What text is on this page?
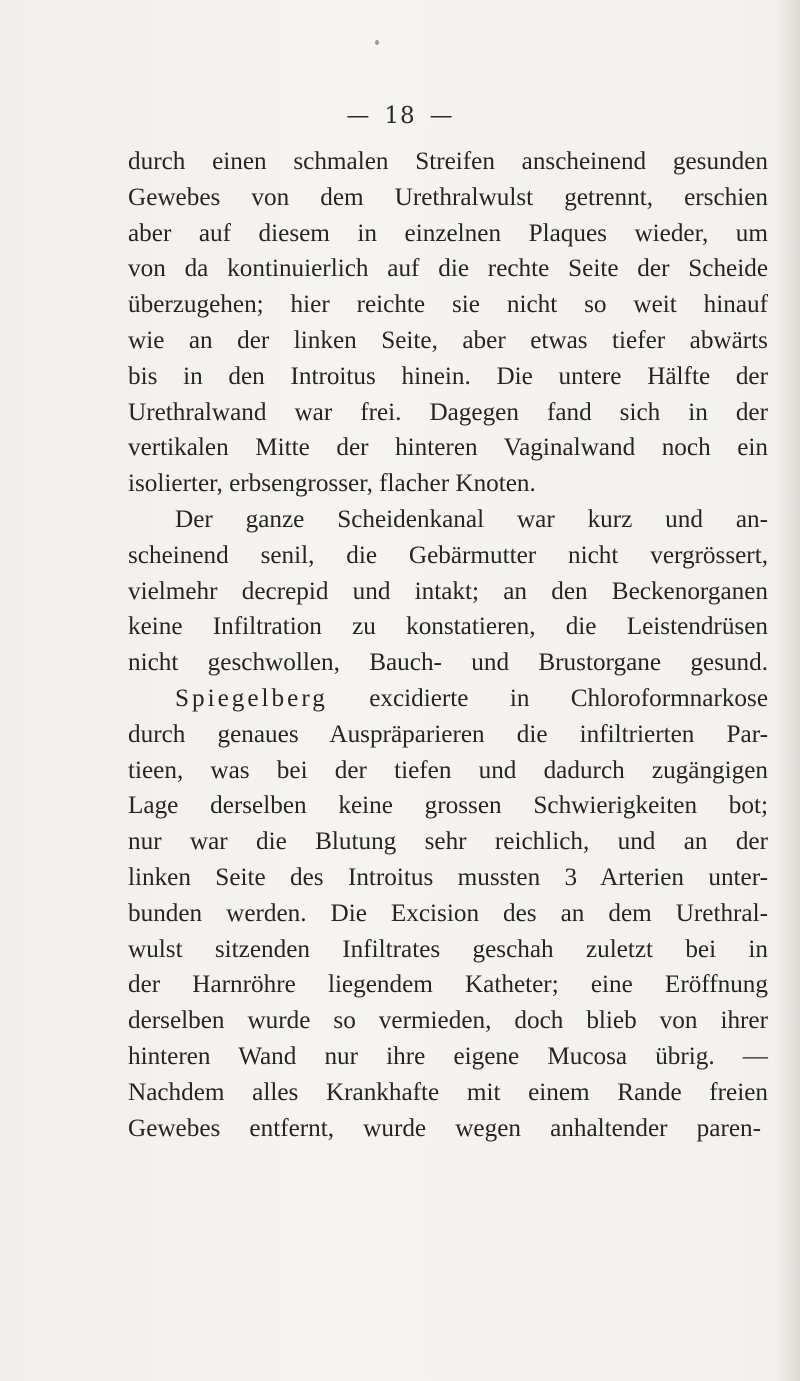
— 18 —
durch einen schmalen Streifen anscheinend gesunden
Gewebes von dem Urethralwulst getrennt, erschien
aber auf diesem in einzelnen Plaques wieder, um
von da kontinuierlich auf die rechte Seite der Scheide
überzugehen; hier reichte sie nicht so weit hinauf
wie an der linken Seite, aber etwas tiefer abwärts
bis in den Introitus hinein. Die untere Hälfte der
Urethralwand war frei. Dagegen fand sich in der
vertikalen Mitte der hinteren Vaginalwand noch ein
isolierter, erbsengrosser, flacher Knoten.
Der ganze Scheidenkanal war kurz und an-
scheinend senil, die Gebärmutter nicht vergrössert,
vielmehr decrepid und intakt; an den Beckenorganen
keine Infiltration zu konstatieren, die Leistendrüsen
nicht geschwollen, Bauch- und Brustorgane gesund.
Spiegelberg excidierte in Chloroformnarkose
durch genaues Auspräparieren die infiltrierten Par-
tieen, was bei der tiefen und dadurch zugängigen
Lage derselben keine grossen Schwierigkeiten bot;
nur war die Blutung sehr reichlich, und an der
linken Seite des Introitus mussten 3 Arterien unter-
bunden werden. Die Excision des an dem Urethral-
wulst sitzenden Infiltrates geschah zuletzt bei in
der Harnröhre liegendem Katheter; eine Eröffnung
derselben wurde so vermieden, doch blieb von ihrer
hinteren Wand nur ihre eigene Mucosa übrig. —
Nachdem alles Krankhafte mit einem Rande freien
Gewebes entfernt, wurde wegen anhaltender paren-
